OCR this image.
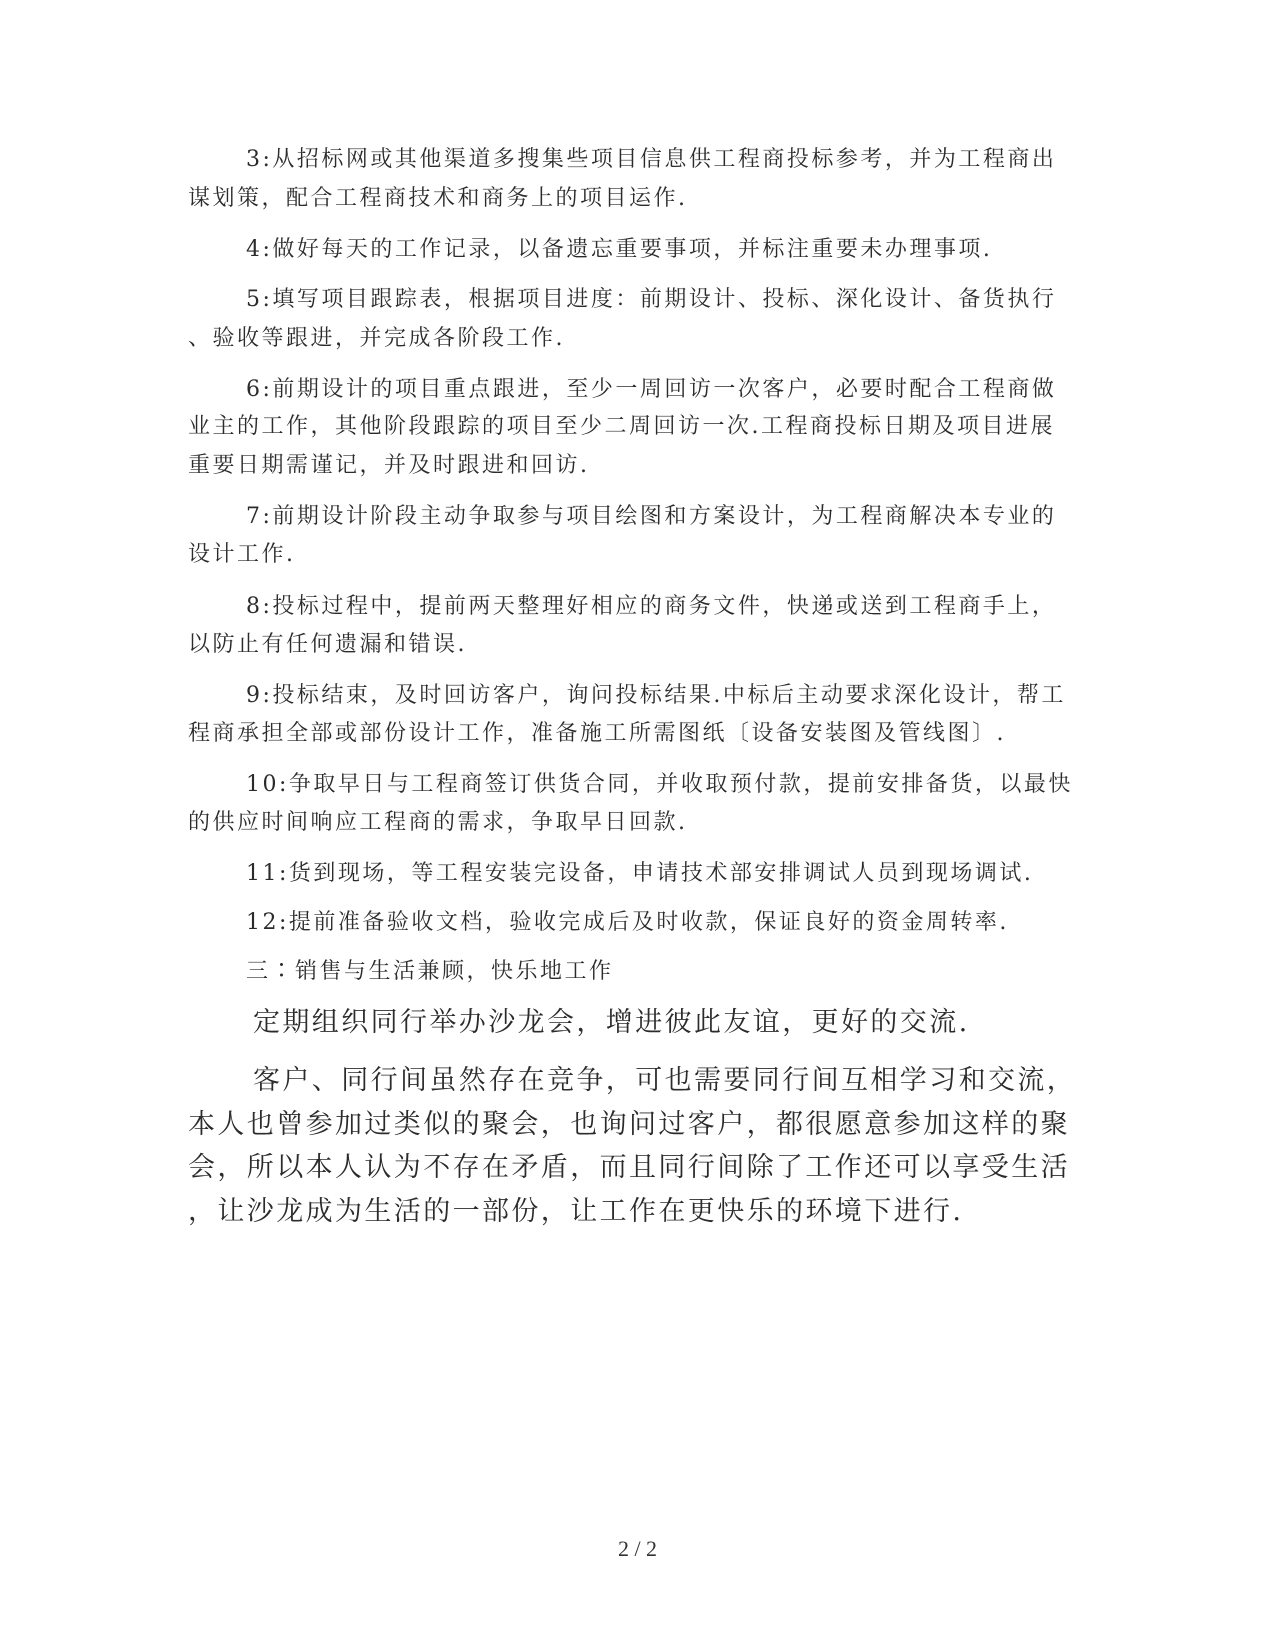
3:从招标网或其他渠道多搜集些项目信息供工程商投标参考，并为工程商出
谋划策，配合工程商技术和商务上的项目运作.
4:做好每天的工作记录，以备遗忘重要事项，并标注重要未办理事项.
5:填写项目跟踪表，根据项目进度：前期设计、投标、深化设计、备货执行
、验收等跟进，并完成各阶段工作.
6:前期设计的项目重点跟进，至少一周回访一次客户，必要时配合工程商做
业主的工作，其他阶段跟踪的项目至少二周回访一次.工程商投标日期及项目进展
重要日期需谨记，并及时跟进和回访.
7:前期设计阶段主动争取参与项目绘图和方案设计，为工程商解决本专业的
设计工作.
8:投标过程中，提前两天整理好相应的商务文件，快递或送到工程商手上，
以防止有任何遗漏和错误.
9:投标结束，及时回访客户，询问投标结果.中标后主动要求深化设计，帮工
程商承担全部或部份设计工作，准备施工所需图纸〔设备安装图及管线图〕.
10:争取早日与工程商签订供货合同，并收取预付款，提前安排备货，以最快
的供应时间响应工程商的需求，争取早日回款.
11:货到现场，等工程安装完设备，申请技术部安排调试人员到现场调试.
12:提前准备验收文档，验收完成后及时收款，保证良好的资金周转率.
三∶销售与生活兼顾，快乐地工作
定期组织同行举办沙龙会，增进彼此友谊，更好的交流.
客户、同行间虽然存在竞争，可也需要同行间互相学习和交流，
本人也曾参加过类似的聚会，也询问过客户，都很愿意参加这样的聚
会，所以本人认为不存在矛盾，而且同行间除了工作还可以享受生活
，让沙龙成为生活的一部份，让工作在更快乐的环境下进行.
2 / 2
